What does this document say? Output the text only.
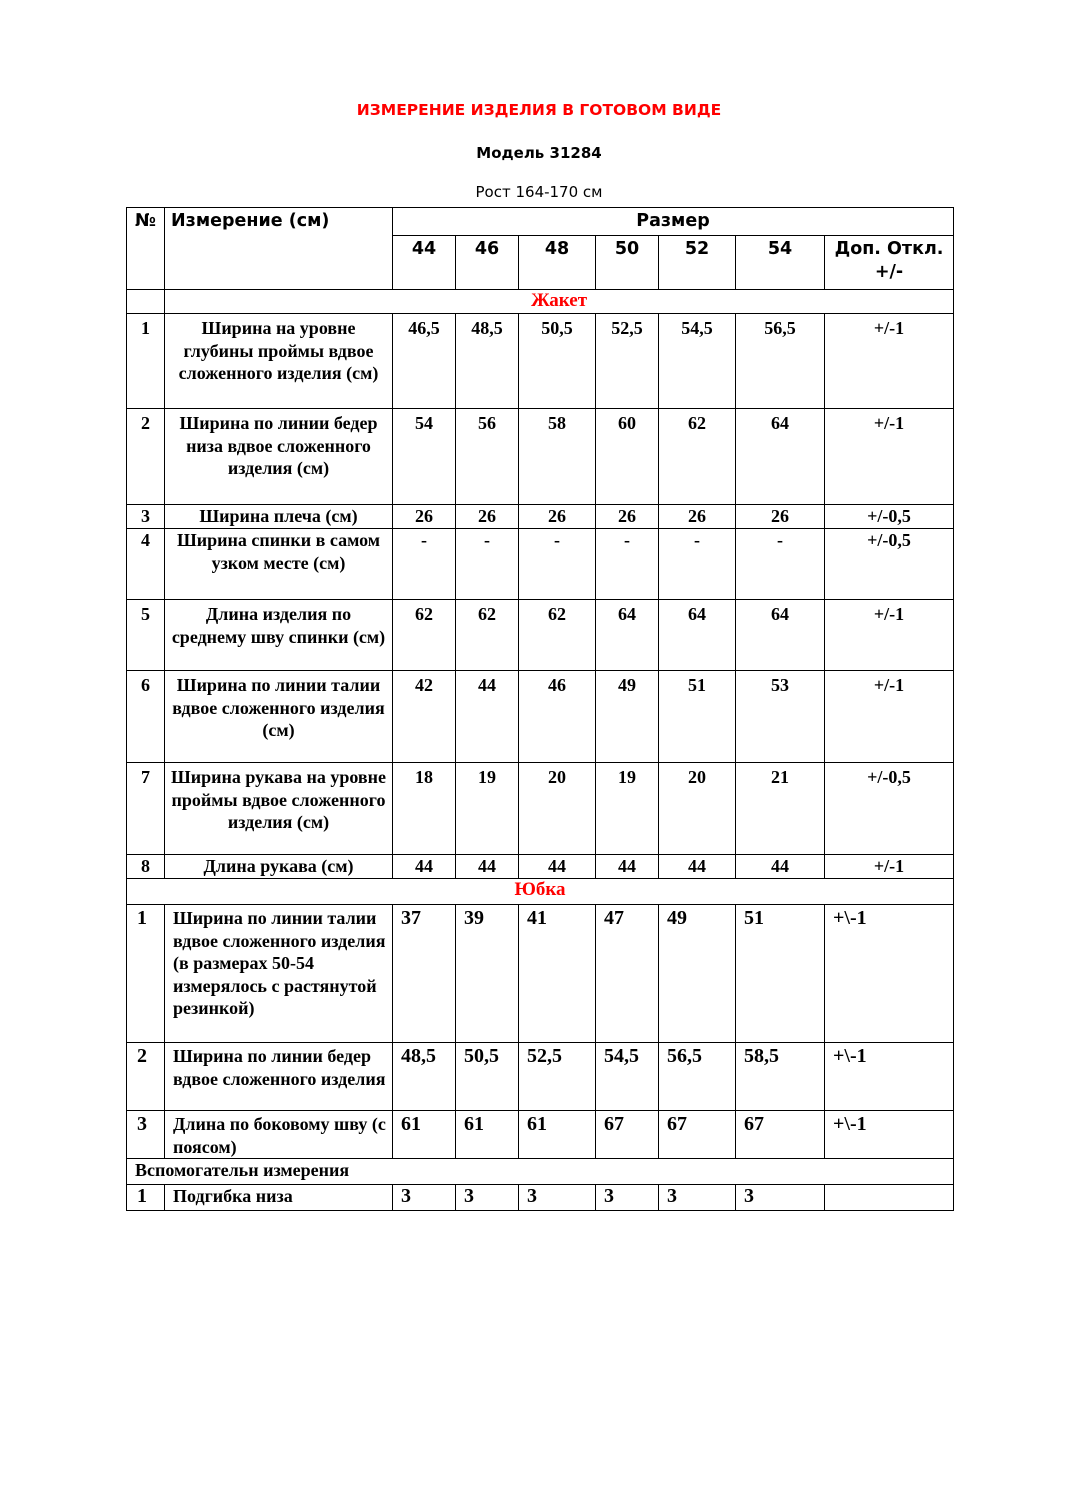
ИЗМЕРЕНИЕ ИЗДЕЛИЯ В ГОТОВОМ ВИДЕ
Модель 31284
Рост 164-170 см
№	Измерение (см)	Размер						
		44	46	48	50	52	54	Доп. Откл. +/-
	Жакет							
1	Ширина на уровне глубины проймы вдвое сложенного изделия (см)	46,5	48,5	50,5	52,5	54,5	56,5	+/-1
2	Ширина по линии бедер низа вдвое сложенного изделия (см)	54	56	58	60	62	64	+/-1
3	Ширина плеча (см)	26	26	26	26	26	26	+/-0,5
4	Ширина спинки в самом узком месте (см)	-	-	-	-	-	-	+/-0,5
5	Длина изделия по среднему шву спинки (см)	62	62	62	64	64	64	+/-1
6	Ширина по линии талии вдвое сложенного изделия (см)	42	44	46	49	51	53	+/-1
7	Ширина рукава на уровне проймы вдвое сложенного изделия (см)	18	19	20	19	20	21	+/-0,5
8	Длина рукава (см)	44	44	44	44	44	44	+/-1
Юбка								
1	Ширина по линии талии вдвое сложенного изделия (в размерах 50-54 измерялось с растянутой резинкой)	37	39	41	47	49	51	+\-1
2	Ширина по линии бедер вдвое сложенного изделия	48,5	50,5	52,5	54,5	56,5	58,5	+\-1
3	Длина по боковому шву (с поясом)	61	61	61	67	67	67	+\-1
Вспомогательн измерения								
1	Подгибка низа	3	3	3	3	3	3	
